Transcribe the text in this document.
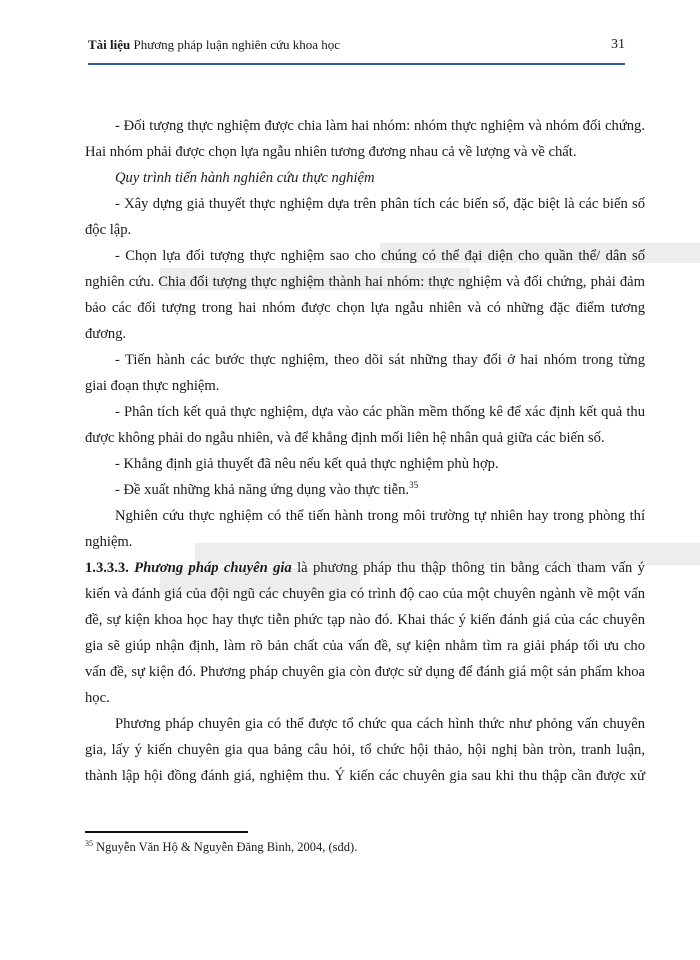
Tài liệu Phương pháp luận nghiên cứu khoa học	31
- Đối tượng thực nghiệm được chia làm hai nhóm: nhóm thực nghiệm và nhóm đối chứng.
Hai nhóm phải được chọn lựa ngẫu nhiên tương đương nhau cả về lượng và về chất.
Quy trình tiến hành nghiên cứu thực nghiệm
- Xây dựng giả thuyết thực nghiệm dựa trên phân tích các biến số, đặc biệt là các biến số
độc lập.
- Chọn lựa đối tượng thực nghiệm sao cho chúng có thể đại diện cho quần thể/ dân số
nghiên cứu. Chia đối tượng thực nghiệm thành hai nhóm: thực nghiệm và đối chứng, phải đảm
bảo các đối tượng trong hai nhóm được chọn lựa ngẫu nhiên và có những đặc điểm tương
đương.
- Tiến hành các bước thực nghiệm, theo dõi sát những thay đổi ở hai nhóm trong từng
giai đoạn thực nghiệm.
- Phân tích kết quả thực nghiệm, dựa vào các phần mềm thống kê để xác định kết quả thu
được không phải do ngẫu nhiên, và để khẳng định mối liên hệ nhân quả giữa các biến số.
- Khẳng định giả thuyết đã nêu nếu kết quả thực nghiệm phù hợp.
- Đề xuất những khả năng ứng dụng vào thực tiễn.$^{35}$
Nghiên cứu thực nghiệm có thể tiến hành trong môi trường tự nhiên hay trong phòng thí
nghiệm.
1.3.3.3. Phương pháp chuyên gia là phương pháp thu thập thông tin bằng cách tham vấn ý
kiến và đánh giá của đội ngũ các chuyên gia có trình độ cao của một chuyên ngành về một vấn
đề, sự kiện khoa học hay thực tiễn phức tạp nào đó. Khai thác ý kiến đánh giá của các chuyên
gia sẽ giúp nhận định, làm rõ bản chất của vấn đề, sự kiện nhằm tìm ra giải pháp tối ưu cho
vấn đề, sự kiện đó. Phương pháp chuyên gia còn được sử dụng để đánh giá một sản phẩm khoa
học.
Phương pháp chuyên gia có thể được tổ chức qua cách hình thức như phỏng vấn chuyên
gia, lấy ý kiến chuyên gia qua bảng câu hỏi, tổ chức hội thảo, hội nghị bàn tròn, tranh luận,
thành lập hội đồng đánh giá, nghiệm thu. Ý kiến các chuyên gia sau khi thu thập cần được xử
$^{35}$ Nguyễn Văn Hộ & Nguyễn Đăng Bình, 2004, (sđd).
